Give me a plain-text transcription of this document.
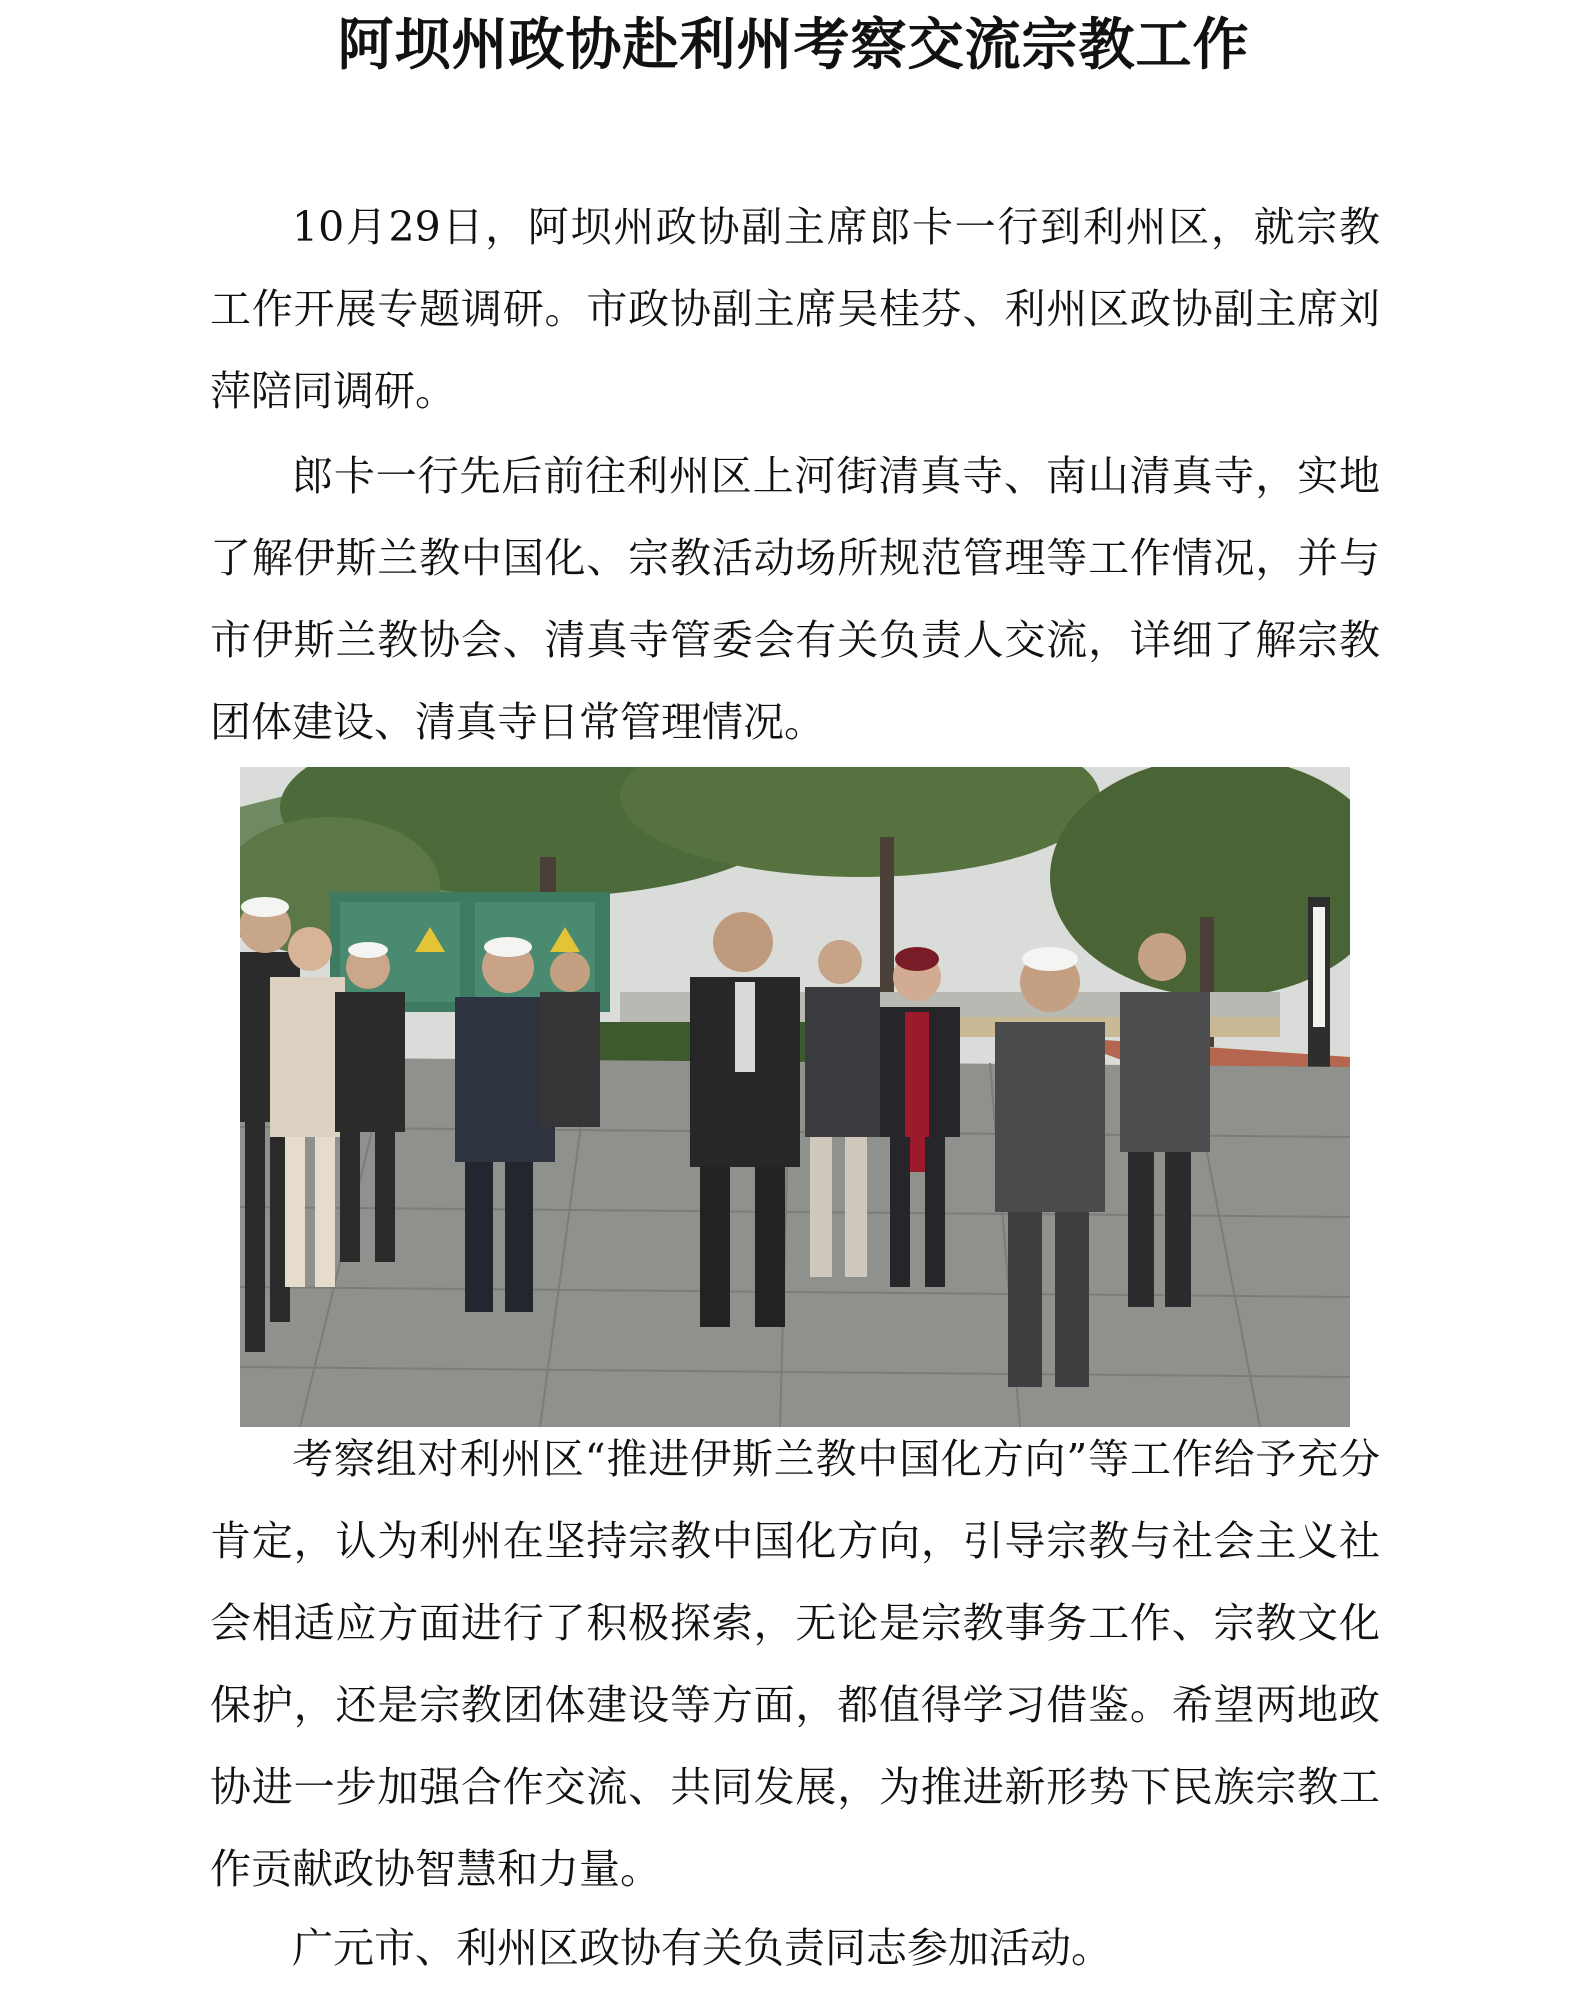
阿坝州政协赴利州考察交流宗教工作

10月29日，阿坝州政协副主席郎卡一行到利州区，就宗教工作开展专题调研。市政协副主席吴桂芬、利州区政协副主席刘萍陪同调研。

郎卡一行先后前往利州区上河街清真寺、南山清真寺，实地了解伊斯兰教中国化、宗教活动场所规范管理等工作情况，并与市伊斯兰教协会、清真寺管委会有关负责人交流，详细了解宗教团体建设、清真寺日常管理情况。

考察组对利州区“推进伊斯兰教中国化方向”等工作给予充分肯定，认为利州在坚持宗教中国化方向，引导宗教与社会主义社会相适应方面进行了积极探索，无论是宗教事务工作、宗教文化保护，还是宗教团体建设等方面，都值得学习借鉴。希望两地政协进一步加强合作交流、共同发展，为推进新形势下民族宗教工作贡献政协智慧和力量。

广元市、利州区政协有关负责同志参加活动。
